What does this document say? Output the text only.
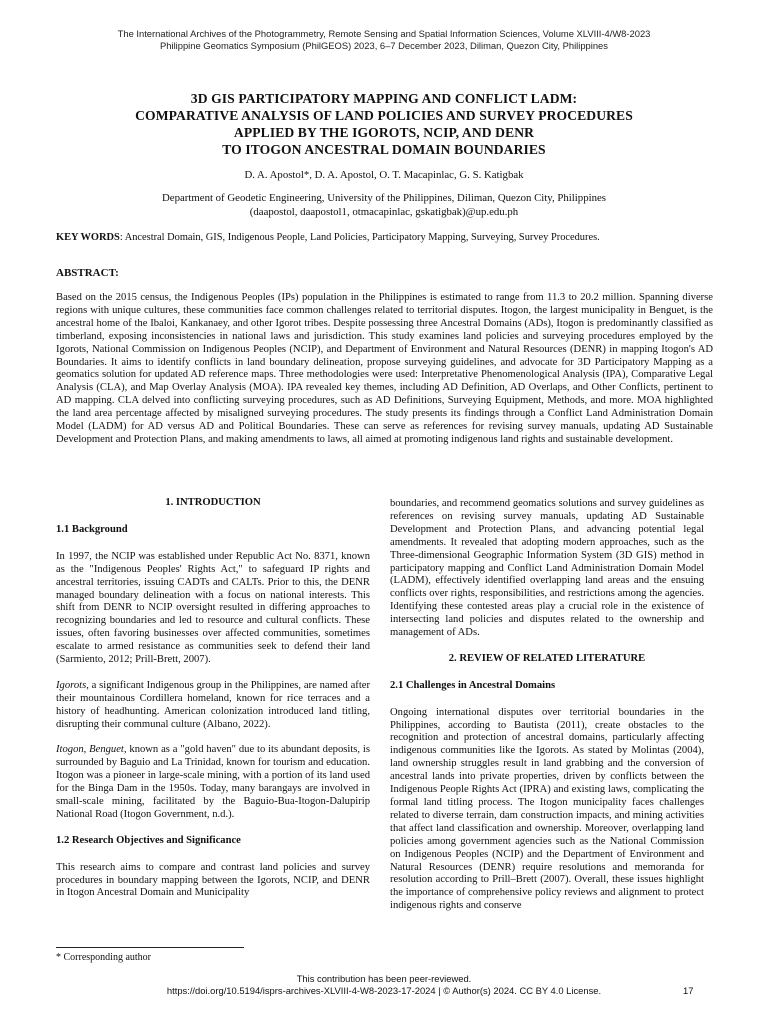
The International Archives of the Photogrammetry, Remote Sensing and Spatial Information Sciences, Volume XLVIII-4/W8-2023
Philippine Geomatics Symposium (PhilGEOS) 2023, 6–7 December 2023, Diliman, Quezon City, Philippines
3D GIS PARTICIPATORY MAPPING AND CONFLICT LADM:
COMPARATIVE ANALYSIS OF LAND POLICIES AND SURVEY PROCEDURES
APPLIED BY THE IGOROTS, NCIP, AND DENR
TO ITOGON ANCESTRAL DOMAIN BOUNDARIES
D. A. Apostol*, D. A. Apostol, O. T. Macapinlac, G. S. Katigbak
Department of Geodetic Engineering, University of the Philippines, Diliman, Quezon City, Philippines
(daapostol, daapostol1, otmacapinlac, gskatigbak)@up.edu.ph
KEY WORDS: Ancestral Domain, GIS, Indigenous People, Land Policies, Participatory Mapping, Surveying, Survey Procedures.
ABSTRACT:
Based on the 2015 census, the Indigenous Peoples (IPs) population in the Philippines is estimated to range from 11.3 to 20.2 million. Spanning diverse regions with unique cultures, these communities face common challenges related to territorial disputes. Itogon, the largest municipality in Benguet, is the ancestral home of the Ibaloi, Kankanaey, and other Igorot tribes. Despite possessing three Ancestral Domains (ADs), Itogon is predominantly classified as timberland, exposing inconsistencies in national laws and jurisdiction. This study examines land policies and surveying procedures employed by the Igorots, National Commission on Indigenous Peoples (NCIP), and Department of Environment and Natural Resources (DENR) in mapping Itogon's AD Boundaries. It aims to identify conflicts in land boundary delineation, propose surveying guidelines, and advocate for 3D Participatory Mapping as a geomatics solution for updated AD reference maps. Three methodologies were used: Interpretative Phenomenological Analysis (IPA), Comparative Legal Analysis (CLA), and Map Overlay Analysis (MOA). IPA revealed key themes, including AD Definition, AD Overlaps, and Other Conflicts, pertinent to AD mapping. CLA delved into conflicting surveying procedures, such as AD Definitions, Surveying Equipment, Methods, and more. MOA highlighted the land area percentage affected by misaligned surveying procedures. The study presents its findings through a Conflict Land Administration Domain Model (LADM) for AD versus AD and Political Boundaries. These can serve as references for revising survey manuals, updating AD Sustainable Development and Protection Plans, and making amendments to laws, all aimed at promoting indigenous land rights and sustainable development.
1. INTRODUCTION
1.1 Background

In 1997, the NCIP was established under Republic Act No. 8371, known as the "Indigenous Peoples' Rights Act," to safeguard IP rights and ancestral territories, issuing CADTs and CALTs. Prior to this, the DENR managed boundary delineation with a focus on national interests. This shift from DENR to NCIP oversight resulted in differing approaches to recognizing boundaries and led to resource and cultural conflicts. These issues, often favoring businesses over affected communities, sometimes escalate to armed resistance as communities seek to defend their land (Sarmiento, 2012; Prill-Brett, 2007).

Igorots, a significant Indigenous group in the Philippines, are named after their mountainous Cordillera homeland, known for rice terraces and a history of headhunting. American colonization introduced land titling, disrupting their communal culture (Albano, 2022).

Itogon, Benguet, known as a "gold haven" due to its abundant deposits, is surrounded by Baguio and La Trinidad, known for tourism and education. Itogon was a pioneer in large-scale mining, with a portion of its land used for the Binga Dam in the 1950s. Today, many barangays are involved in small-scale mining, facilitated by the Baguio-Bua-Itogon-Dalupirip National Road (Itogon Government, n.d.).

1.2 Research Objectives and Significance

This research aims to compare and contrast land policies and survey procedures in boundary mapping between the Igorots, NCIP, and DENR in Itogon Ancestral Domain and Municipality

boundaries, and recommend geomatics solutions and survey guidelines as references on revising survey manuals, updating AD Sustainable Development and Protection Plans, and advancing potential legal amendments. It revealed that adopting modern approaches, such as the Three-dimensional Geographic Information System (3D GIS) method in participatory mapping and Conflict Land Administration Domain Model (LADM), effectively identified overlapping land areas and the ensuing conflicts over rights, responsibilities, and restrictions among the agencies. Identifying these contested areas play a crucial role in the existence of intersecting land policies and disputes related to the ownership and management of ADs.

2. REVIEW OF RELATED LITERATURE
2.1 Challenges in Ancestral Domains

Ongoing international disputes over territorial boundaries in the Philippines, according to Bautista (2011), create obstacles to the recognition and protection of ancestral domains, particularly affecting indigenous communities like the Igorots. As stated by Molintas (2004), land ownership struggles result in land grabbing and the conversion of ancestral lands into private properties, driven by conflicts between the Indigenous People Rights Act (IPRA) and existing laws, complicating the formal land titling process. The Itogon municipality faces challenges related to diverse terrain, dam construction impacts, and mining activities that affect land classification and ownership. Moreover, overlapping land policies among government agencies such as the National Commission on Indigenous Peoples (NCIP) and the Department of Environment and Natural Resources (DENR) require resolutions and memoranda for resolution according to Prill–Brett (2007). Overall, these issues highlight the importance of comprehensive policy reviews and alignment to protect indigenous rights and conserve

* Corresponding author
This contribution has been peer-reviewed.
https://doi.org/10.5194/isprs-archives-XLVIII-4-W8-2023-17-2024 | © Author(s) 2024. CC BY 4.0 License.	17
